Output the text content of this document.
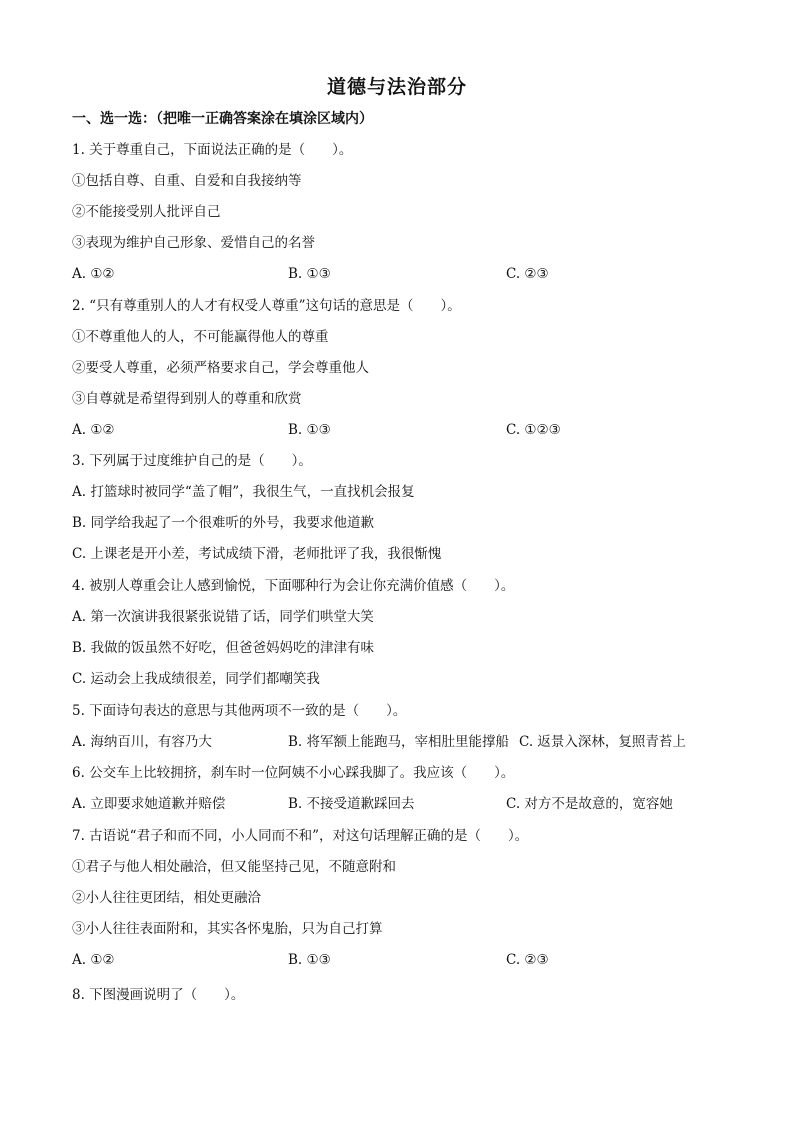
道德与法治部分
一、选一选：（把唯一正确答案涂在填涂区域内）
1. 关于尊重自己，下面说法正确的是（　　）。
①包括自尊、自重、自爱和自我接纳等
②不能接受别人批评自己
③表现为维护自己形象、爱惜自己的名誉
A. ①②	B. ①③	C. ②③
2. “只有尊重别人的人才有权受人尊重”这句话的意思是（　　）。
①不尊重他人的人，不可能赢得他人的尊重
②要受人尊重，必须严格要求自己，学会尊重他人
③自尊就是希望得到别人的尊重和欣赏
A. ①②	B. ①③	C. ①②③
3. 下列属于过度维护自己的是（　　）。
A. 打篮球时被同学“盖了帽”，我很生气，一直找机会报复
B. 同学给我起了一个很难听的外号，我要求他道歉
C. 上课老是开小差，考试成绩下滑，老师批评了我，我很惭愧
4. 被别人尊重会让人感到愉悦，下面哪种行为会让你充满价值感（　　）。
A. 第一次演讲我很紧张说错了话，同学们哄堂大笑
B. 我做的饭虽然不好吃，但爸爸妈妈吃的津津有味
C. 运动会上我成绩很差，同学们都嘲笑我
5. 下面诗句表达的意思与其他两项不一致的是（　　）。
A. 海纳百川，有容乃大	B. 将军额上能跑马，宰相肚里能撑船 C. 返景入深林，复照青苔上
6. 公交车上比较拥挤，刹车时一位阿姨不小心踩我脚了。我应该（　　）。
A. 立即要求她道歉并赔偿	B. 不接受道歉踩回去	C. 对方不是故意的，宽容她
7. 古语说“君子和而不同，小人同而不和”，对这句话理解正确的是（　　）。
①君子与他人相处融洽，但又能坚持己见，不随意附和
②小人往往更团结，相处更融洽
③小人往往表面附和，其实各怀鬼胎，只为自己打算
A. ①②	B. ①③	C. ②③
8. 下图漫画说明了（　　）。
